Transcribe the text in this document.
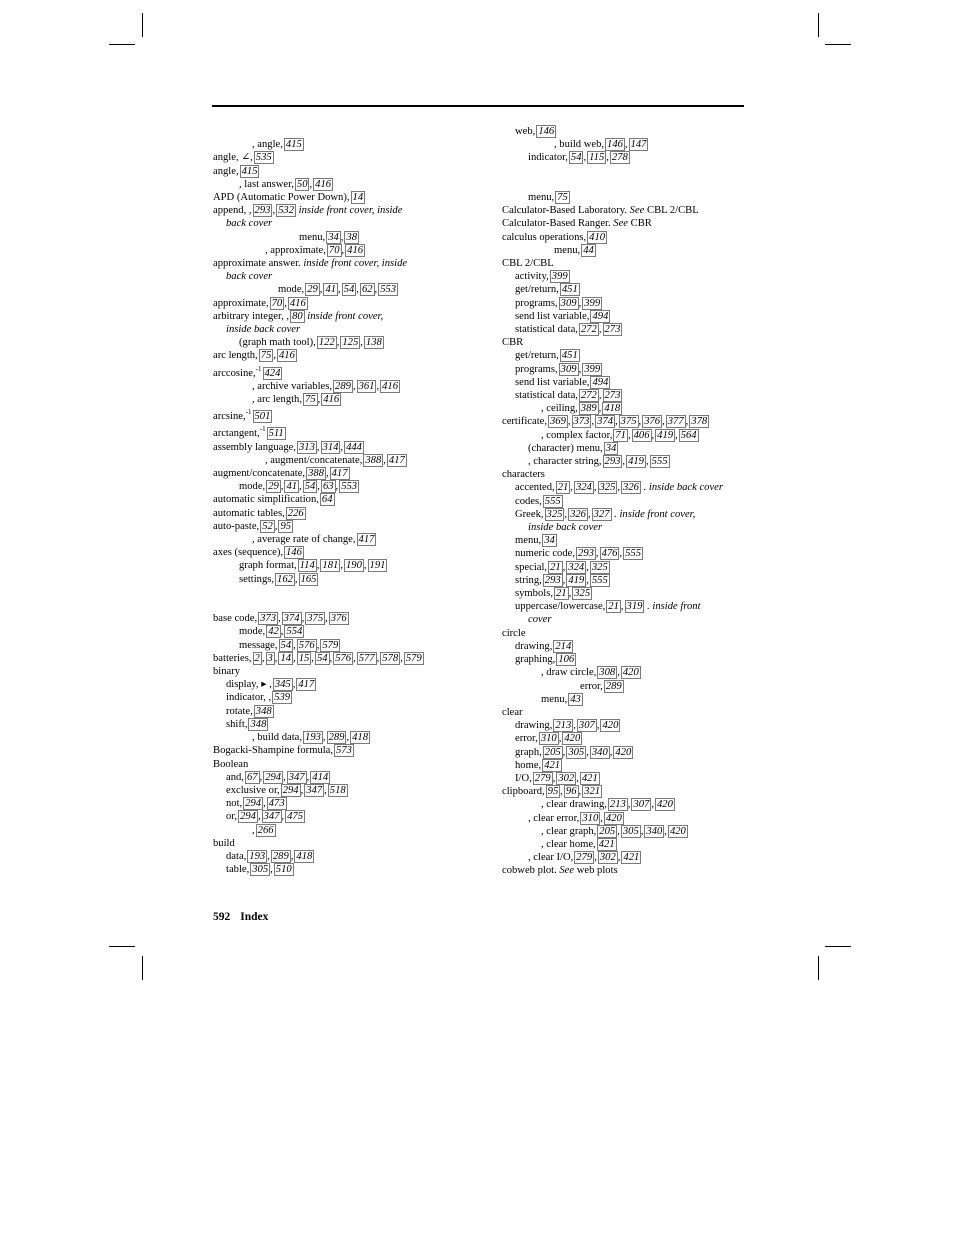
, angle, 415
angle, ∠, 535
angle, 415
, last answer, 50 , 416
APD (Automatic Power Down), 14
append, , 293 , 532 inside front cover, inside
back cover
menu, 34 , 38
, approximate, 70 , 416
approximate answer. inside front cover, inside
back cover
mode, 29 , 41 , 54 , 62 , 553
approximate, 70 , 416
arbitrary integer, , 80 inside front cover,
inside back cover
(graph math tool), 122 , 125 , 138
arc length, 75 , 416
arccosine,$^{-1}$ 424
, archive variables, 289 , 361 , 416
, arc length, 75 , 416
arcsine,$^{-1}$ 501
arctangent,$^{-1}$ 511
assembly language, 313 , 314 , 444
, augment/concatenate, 388 , 417
augment/concatenate, 388 , 417
mode, 29 , 41 , 54 , 63 , 553
automatic simplification, 64
automatic tables, 226
auto-paste, 52 , 95
, average rate of change, 417
axes (sequence), 146
graph format, 114 , 181 , 190 , 191
settings, 162 , 165
base code, 373 , 374 , 375 , 376
mode, 42 , 554
message, 54 , 576 , 579
batteries, 2 , 3 , 14 , 15 , 54 , 576 , 577 , 578 , 579
binary
display, ▸ , 345 , 417
indicator, , 539
rotate, 348
shift, 348
, build data, 193 , 289 , 418
Bogacki-Shampine formula, 573
Boolean
and, 67 , 294 , 347 , 414
exclusive or, 294 , 347 , 518
not, 294 , 473
or, 294 , 347 , 475
, 266
build
data, 193 , 289 , 418
table, 305 , 510
web, 146
, build web, 146 , 147
indicator, 54 , 115 , 278
menu, 75
Calculator-Based Laboratory. See CBL 2/CBL
Calculator-Based Ranger. See CBR
calculus operations, 410
menu, 44
CBL 2/CBL
activity, 399
get/return, 451
programs, 309 , 399
send list variable, 494
statistical data, 272 , 273
CBR
get/return, 451
programs, 309 , 399
send list variable, 494
statistical data, 272 , 273
, ceiling, 389 , 418
certificate, 369 , 373 , 374 , 375 , 376 , 377 , 378
, complex factor, 71 , 406 , 419 , 564
(character) menu, 34
, character string, 293 , 419 , 555
characters
accented, 21 , 324 , 325 , 326 . inside back cover
codes, 555
Greek, 325 , 326 , 327 . inside front cover,
inside back cover
menu, 34
numeric code, 293 , 476 , 555
special, 21 , 324 , 325
string, 293 , 419 , 555
symbols, 21 , 325
uppercase/lowercase, 21 , 319 . inside front
cover
circle
drawing, 214
graphing, 106
, draw circle, 308 , 420
error, 289
menu, 43
clear
drawing, 213 , 307 , 420
error, 310 , 420
graph, 205 , 305 , 340 , 420
home, 421
I/O, 279 , 302 , 421
clipboard, 95 , 96 , 321
, clear drawing, 213 , 307 , 420
, clear error, 310 , 420
, clear graph, 205 , 305 , 340 , 420
, clear home, 421
, clear I/O, 279 , 302 , 421
cobweb plot. See web plots
592 Index
